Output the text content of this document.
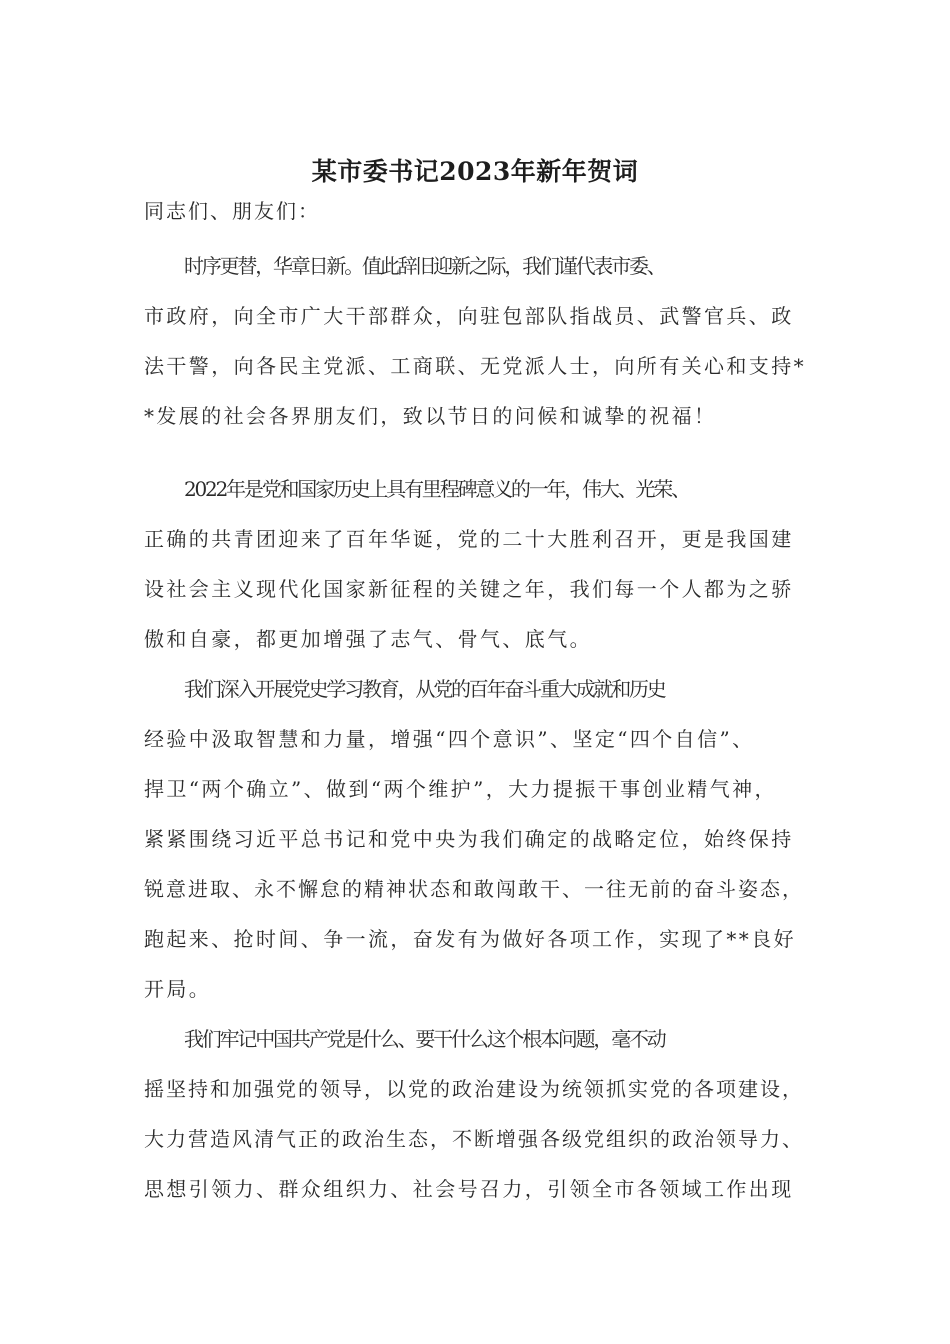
某市委书记2023年新年贺词
同志们、朋友们：
时序更替，华章日新。值此辞旧迎新之际，我们谨代表市委、
市政府，向全市广大干部群众，向驻包部队指战员、武警官兵、政
法干警，向各民主党派、工商联、无党派人士，向所有关心和支持*
*发展的社会各界朋友们，致以节日的问候和诚挚的祝福！
2022年是党和国家历史上具有里程碑意义的一年，伟大、光荣、
正确的共青团迎来了百年华诞，党的二十大胜利召开，更是我国建
设社会主义现代化国家新征程的关键之年，我们每一个人都为之骄
傲和自豪，都更加增强了志气、骨气、底气。
我们深入开展党史学习教育，从党的百年奋斗重大成就和历史
经验中汲取智慧和力量，增强“四个意识”、坚定“四个自信”、
捍卫“两个确立”、做到“两个维护”，大力提振干事创业精气神，
紧紧围绕习近平总书记和党中央为我们确定的战略定位，始终保持
锐意进取、永不懈怠的精神状态和敢闯敢干、一往无前的奋斗姿态，
跑起来、抢时间、争一流，奋发有为做好各项工作，实现了**良好
开局。
我们牢记中国共产党是什么、要干什么这个根本问题，毫不动
摇坚持和加强党的领导，以党的政治建设为统领抓实党的各项建设，
大力营造风清气正的政治生态，不断增强各级党组织的政治领导力、
思想引领力、群众组织力、社会号召力，引领全市各领域工作出现
